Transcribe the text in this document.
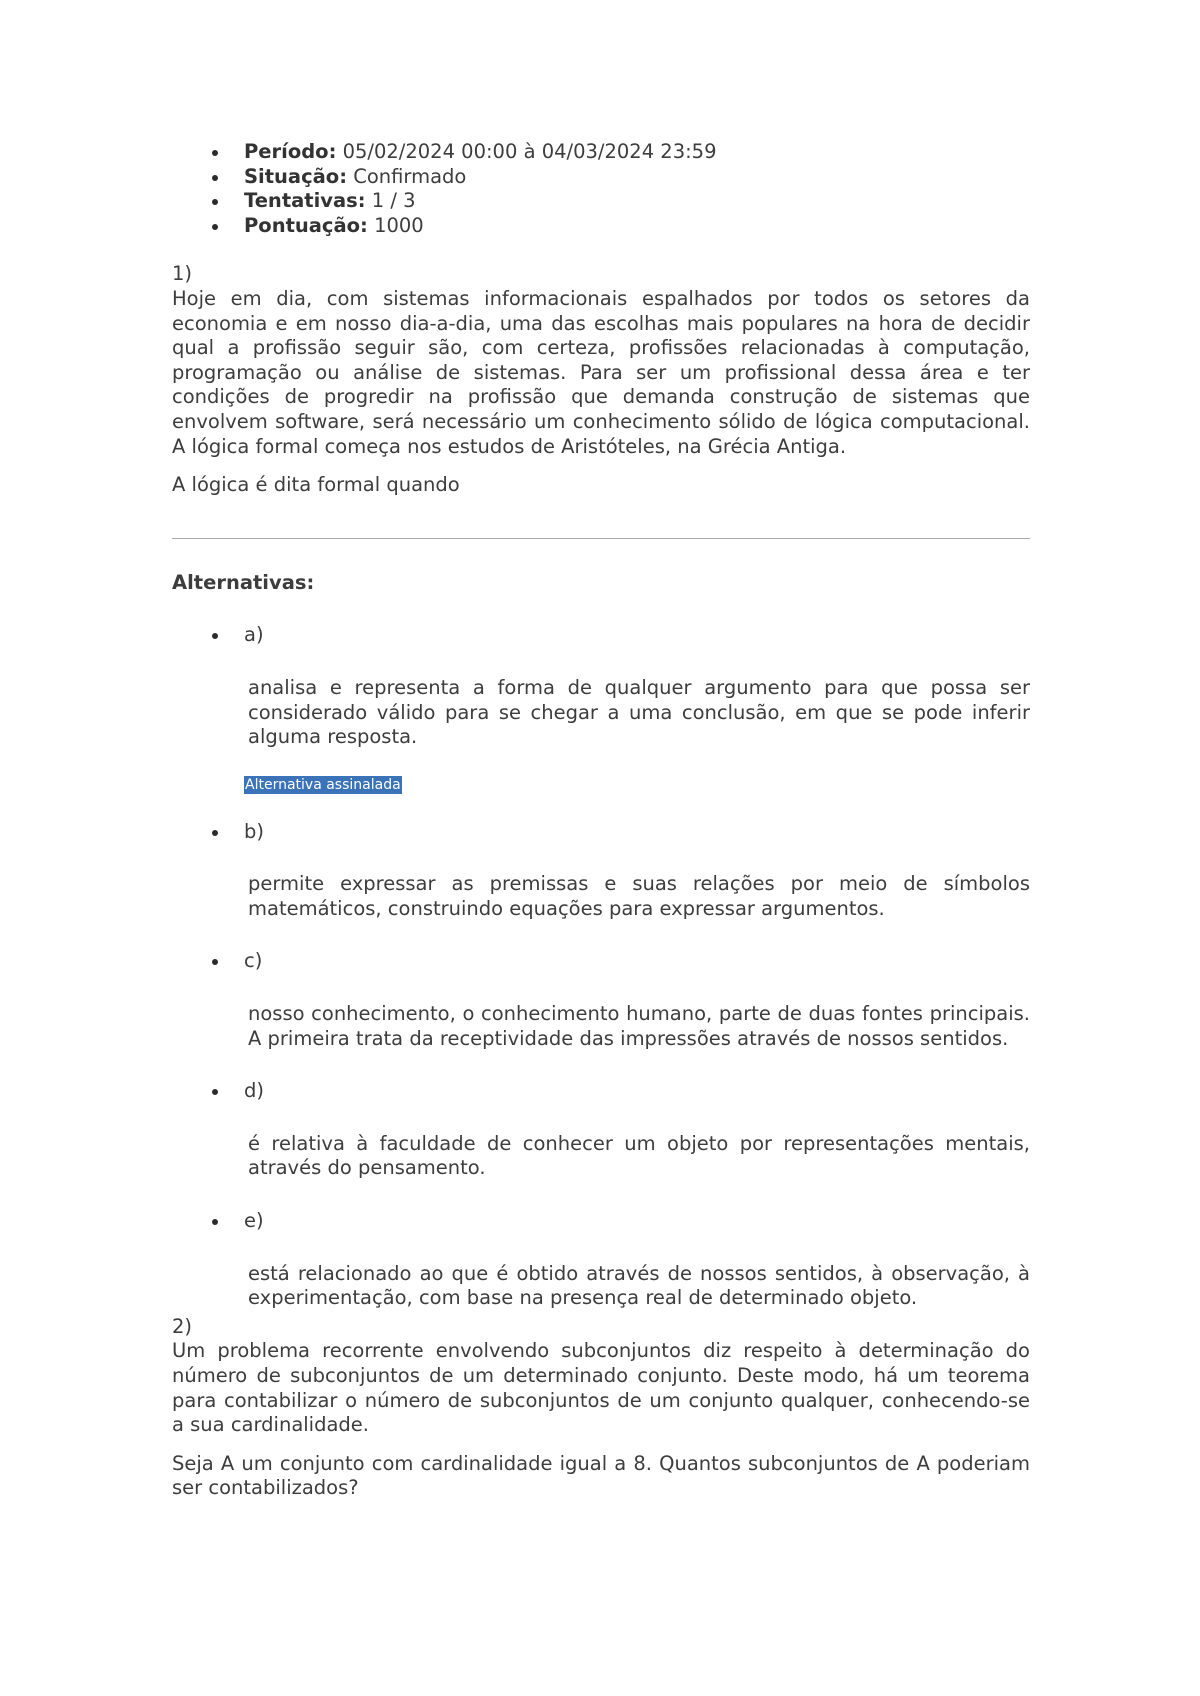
Período: 05/02/2024 00:00 à 04/03/2024 23:59
Situação: Confirmado
Tentativas: 1 / 3
Pontuação: 1000
1)

Hoje em dia, com sistemas informacionais espalhados por todos os setores da economia e em nosso dia-a-dia, uma das escolhas mais populares na hora de decidir qual a profissão seguir são, com certeza, profissões relacionadas à computação, programação ou análise de sistemas. Para ser um profissional dessa área e ter condições de progredir na profissão que demanda construção de sistemas que envolvem software, será necessário um conhecimento sólido de lógica computacional. A lógica formal começa nos estudos de Aristóteles, na Grécia Antiga.

A lógica é dita formal quando
Alternativas:
a)
analisa e representa a forma de qualquer argumento para que possa ser considerado válido para se chegar a uma conclusão, em que se pode inferir alguma resposta.
Alternativa assinalada
b)
permite expressar as premissas e suas relações por meio de símbolos matemáticos, construindo equações para expressar argumentos.
c)
nosso conhecimento, o conhecimento humano, parte de duas fontes principais. A primeira trata da receptividade das impressões através de nossos sentidos.
d)
é relativa à faculdade de conhecer um objeto por representações mentais, através do pensamento.
e)
está relacionado ao que é obtido através de nossos sentidos, à observação, à experimentação, com base na presença real de determinado objeto.
2)

Um problema recorrente envolvendo subconjuntos diz respeito à determinação do número de subconjuntos de um determinado conjunto. Deste modo, há um teorema para contabilizar o número de subconjuntos de um conjunto qualquer, conhecendo-se a sua cardinalidade.

Seja A um conjunto com cardinalidade igual a 8. Quantos subconjuntos de A poderiam ser contabilizados?
